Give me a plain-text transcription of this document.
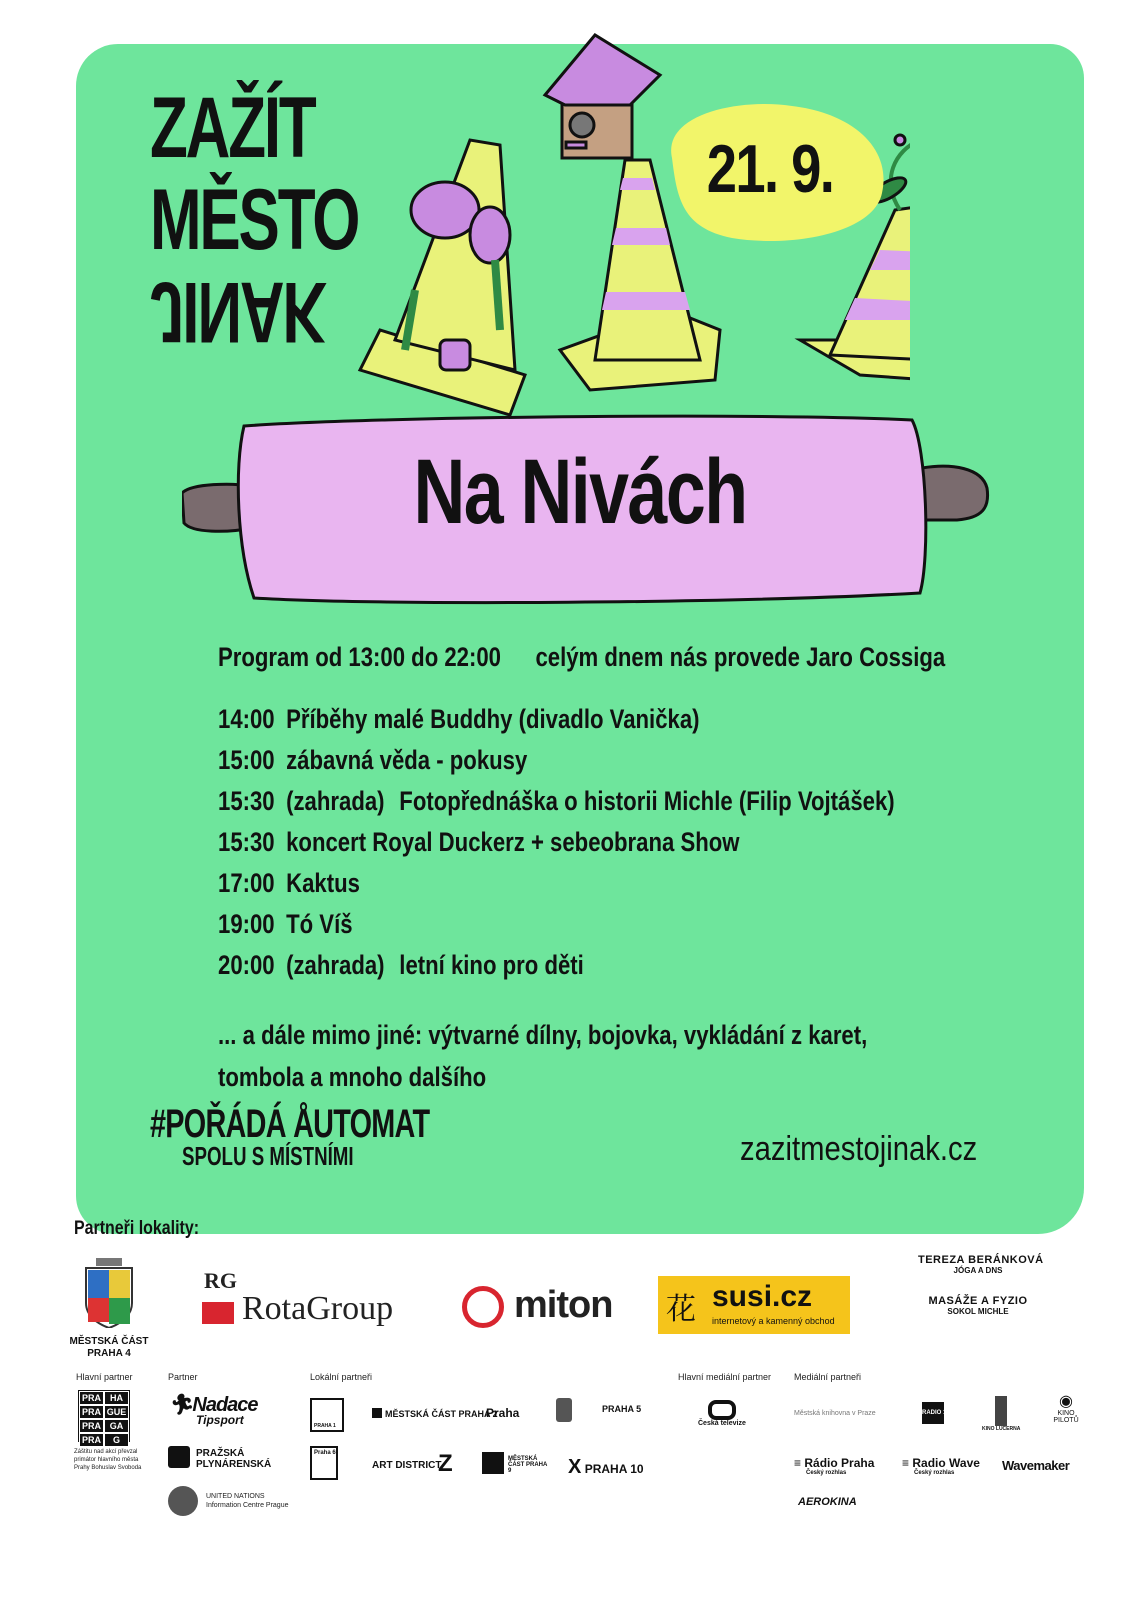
ZAŽÍT
MĚSTO
JINAK
21. 9.
Na Nivách
Program od 13:00 do 22:00 celým dnem nás provede Jaro Cossiga
14:00 Příběhy malé Buddhy (divadlo Vanička)
15:00 zábavná věda - pokusy
15:30 (zahrada) Fotopřednáška o historii Michle (Filip Vojtášek)
15:30 koncert Royal Duckerz + sebeobrana Show
17:00 Kaktus
19:00 Tó Víš
20:00 (zahrada) letní kino pro děti
... a dále mimo jiné: výtvarné dílny, bojovka, vykládání z karet, tombola a mnoho dalšího
#POŘÁDÁ ÅUTOMAT
SPOLU S MÍSTNÍMI	zazitmestojinak.cz
Partneři lokality:
MĚSTSKÁ ČÁST PRAHA 4
RotaGroup
RG
miton 花 susi.cz
internetový a kamenný obchod
TEREZA BERÁNKOVÁ
JÓGA A DNS
MASÁŽE A FYZIO
SOKOL MICHLE
Hlavní partner	Partner	Lokální partneři	Hlavní mediální partner	Mediální partneři
PRA	HA
PRA GUE
PRA GA
PRA	G
Záštitu nad akcí převzal primátor hlavního města Prahy Bohuslav Svoboda
🏃︎Nadace
Tipsport
PRAŽSKÁ PLYNÁRENSKÁ
UNITED NATIONS Information Centre Prague
PRAHA 1
MĚSTSKÁ ČÁST PRAHA 2
Praha	PRAHA 5
Praha 6
ART DISTRICT
Z	MĚSTSKÁ ČÁST PRAHA 9	X PRAHA 10
Česká televize
Městská knihovna v Praze	RADIO 1
KINO LUCERNA
◉
KINO PILOTŮ
≡ Rádio Praha
Český rozhlas
≡ Radio Wave
Český rozhlas	Wavemaker
AEROKINA
